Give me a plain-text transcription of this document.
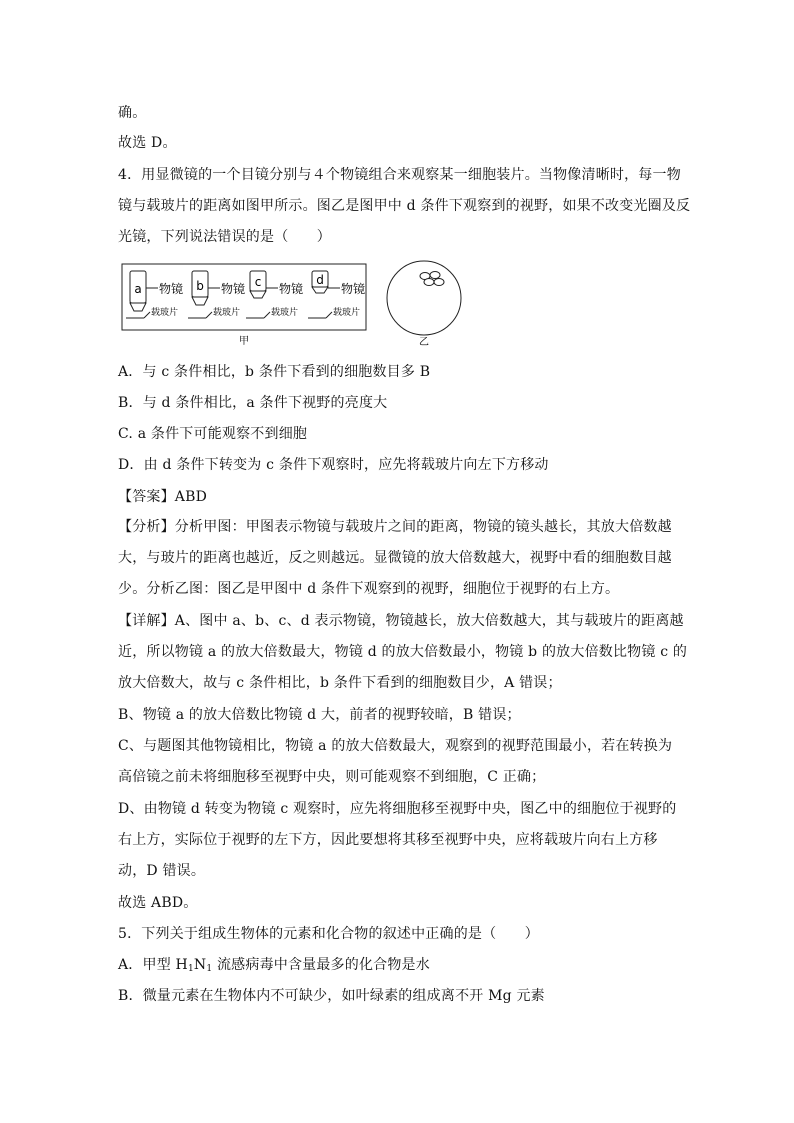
确。
故选 D。
4．用显微镜的一个目镜分别与４个物镜组合来观察某一细胞装片。当物像清晰时，每一物
镜与载玻片的距离如图甲所示。图乙是图甲中 d 条件下观察到的视野，如果不改变光圈及反
光镜，下列说法错误的是（　　）
a 物镜
载玻片
b 物镜
载玻片
c 物镜
载玻片
d
物镜
载玻片
甲	乙
A．与 c 条件相比，b 条件下看到的细胞数目多 B
B．与 d 条件相比，a 条件下视野的亮度大
C. a 条件下可能观察不到细胞
D．由 d 条件下转变为 c 条件下观察时，应先将载玻片向左下方移动
【答案】ABD
【分析】分析甲图：甲图表示物镜与载玻片之间的距离，物镜的镜头越长，其放大倍数越
大，与玻片的距离也越近，反之则越远。显微镜的放大倍数越大，视野中看的细胞数目越
少。分析乙图：图乙是甲图中 d 条件下观察到的视野，细胞位于视野的右上方。
【详解】A、图中 a、b、c、d 表示物镜，物镜越长，放大倍数越大，其与载玻片的距离越
近，所以物镜 a 的放大倍数最大，物镜 d 的放大倍数最小，物镜 b 的放大倍数比物镜 c 的
放大倍数大，故与 c 条件相比，b 条件下看到的细胞数目少，A 错误；
B、物镜 a 的放大倍数比物镜 d 大，前者的视野较暗，B 错误；
C、与题图其他物镜相比，物镜 a 的放大倍数最大，观察到的视野范围最小，若在转换为
高倍镜之前未将细胞移至视野中央，则可能观察不到细胞，C 正确；
D、由物镜 d 转变为物镜 c 观察时，应先将细胞移至视野中央，图乙中的细胞位于视野的
右上方，实际位于视野的左下方，因此要想将其移至视野中央，应将载玻片向右上方移
动，D 错误。
故选 ABD。
5．下列关于组成生物体的元素和化合物的叙述中正确的是（　　）
A．甲型 $H_1N_1$ 流感病毒中含量最多的化合物是水
B．微量元素在生物体内不可缺少，如叶绿素的组成离不开 Mg 元素
